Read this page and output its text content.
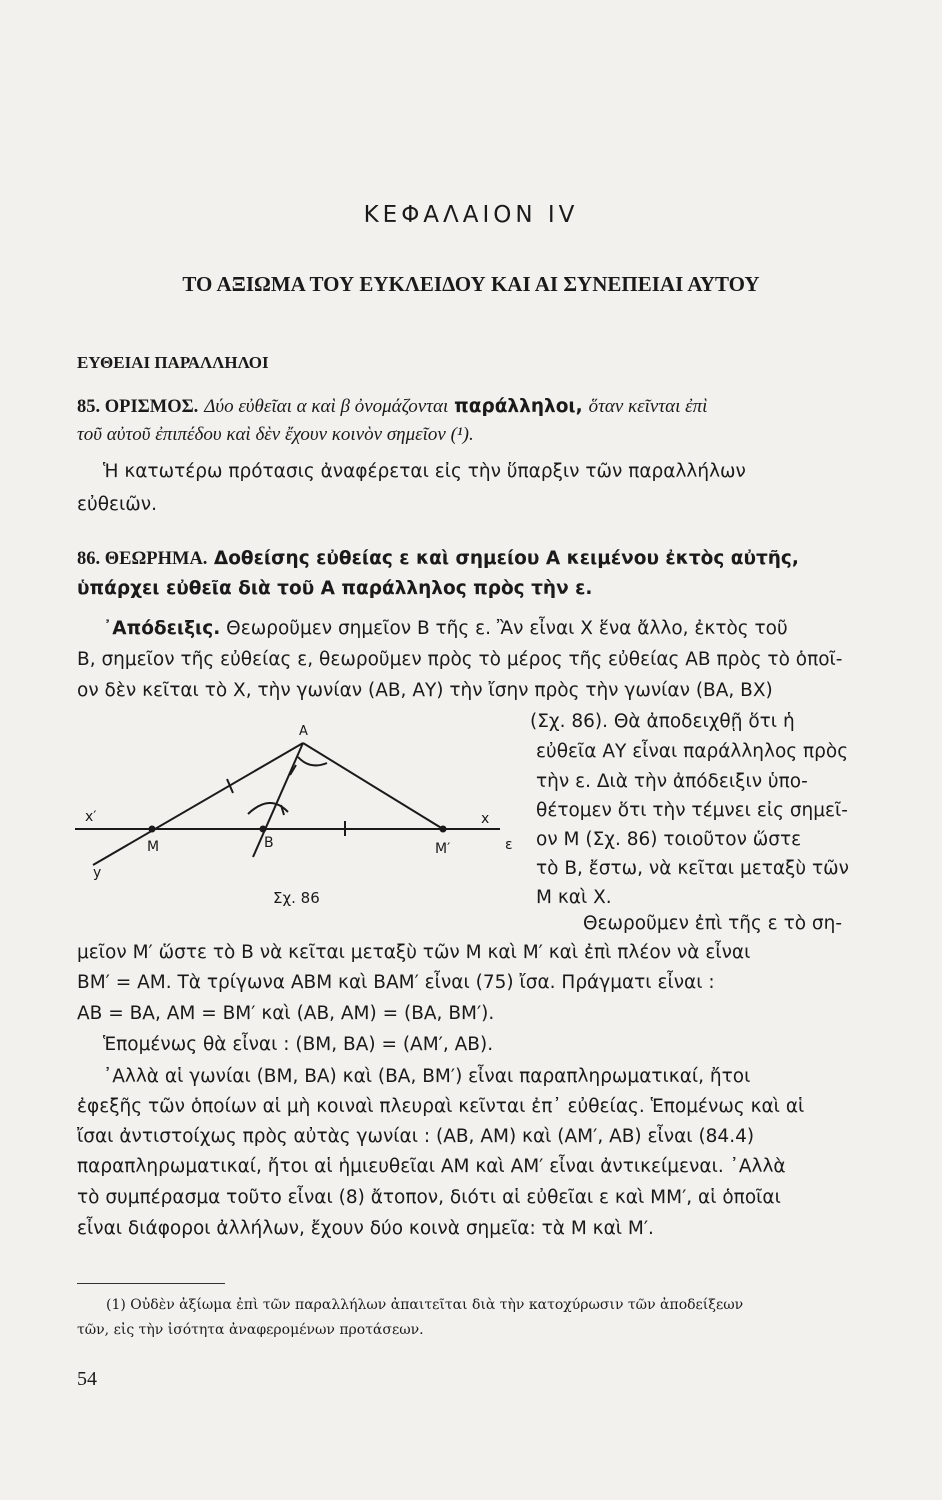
ΚΕΦΑΛΑΙΟΝ IV
ΤΟ ΑΞΙΩΜΑ ΤΟΥ ΕΥΚΛΕΙΔΟΥ ΚΑΙ ΑΙ ΣΥΝΕΠΕΙΑΙ ΑΥΤΟΥ
ΕΥΘΕΙΑΙ ΠΑΡΑΛΛΗΛΟΙ
85. ΟΡΙΣΜΟΣ. Δύο εὐθεῖαι α καὶ β ὀνομάζονται παράλληλοι, ὅταν κεῖνται ἐπὶ
τοῦ αὐτοῦ ἐπιπέδου καὶ δὲν ἔχουν κοινὸν σημεῖον (¹).
Ἡ κατωτέρω πρότασις ἀναφέρεται εἰς τὴν ὕπαρξιν τῶν παραλλήλων
εὐθειῶν.
86. ΘΕΩΡΗΜΑ. Δοθείσης εὐθείας ε καὶ σημείου Α κειμένου ἐκτὸς αὐτῆς,
ὑπάρχει εὐθεῖα διὰ τοῦ Α παράλληλος πρὸς τὴν ε.
᾿Απόδειξις. Θεωροῦμεν σημεῖον Β τῆς ε. Ἂν εἶναι Χ ἕνα ἄλλο, ἐκτὸς τοῦ
Β, σημεῖον τῆς εὐθείας ε, θεωροῦμεν πρὸς τὸ μέρος τῆς εὐθείας ΑΒ πρὸς τὸ ὁποῖ-
ον δὲν κεῖται τὸ Χ, τὴν γωνίαν (ΑΒ, ΑΥ) τὴν ἴσην πρὸς τὴν γωνίαν (ΒΑ, ΒΧ)
(Σχ. 86). Θὰ ἀποδειχθῇ ὅτι ἡ
εὐθεῖα ΑΥ εἶναι παράλληλος πρὸς
τὴν ε. Διὰ τὴν ἀπόδειξιν ὑπο-
θέτομεν ὅτι τὴν τέμνει εἰς σημεῖ-
ον Μ (Σχ. 86) τοιοῦτον ὥστε
τὸ Β, ἔστω, νὰ κεῖται μεταξὺ τῶν
Μ καὶ Χ.
A
x′	x
M	B	M′	ε
y
Σχ. 86
Θεωροῦμεν ἐπὶ τῆς ε τὸ ση-
μεῖον Μ′ ὥστε τὸ Β νὰ κεῖται μεταξὺ τῶν Μ καὶ Μ′ καὶ ἐπὶ πλέον νὰ εἶναι
ΒΜ′ = ΑΜ. Τὰ τρίγωνα ΑΒΜ καὶ ΒΑΜ′ εἶναι (75) ἴσα. Πράγματι εἶναι :
ΑΒ = ΒΑ, ΑΜ = ΒΜ′ καὶ (ΑΒ, ΑΜ) = (ΒΑ, ΒΜ′).
Ἑπομένως θὰ εἶναι : (ΒΜ, ΒΑ) = (ΑΜ′, ΑΒ).
᾿Αλλὰ αἱ γωνίαι (ΒΜ, ΒΑ) καὶ (ΒΑ, ΒΜ′) εἶναι παραπληρωματικαί, ἤτοι
ἐφεξῆς τῶν ὁποίων αἱ μὴ κοιναὶ πλευραὶ κεῖνται ἐπ᾿ εὐθείας. Ἑπομένως καὶ αἱ
ἴσαι ἀντιστοίχως πρὸς αὐτὰς γωνίαι : (ΑΒ, ΑΜ) καὶ (ΑΜ′, ΑΒ) εἶναι (84.4)
παραπληρωματικαί, ἤτοι αἱ ἡμιευθεῖαι ΑΜ καὶ ΑΜ′ εἶναι ἀντικείμεναι. ᾿Αλλὰ
τὸ συμπέρασμα τοῦτο εἶναι (8) ἄτοπον, διότι αἱ εὐθεῖαι ε καὶ ΜΜ′, αἱ ὁποῖαι
εἶναι διάφοροι ἀλλήλων, ἔχουν δύο κοινὰ σημεῖα: τὰ Μ καὶ Μ′.
(1) Οὐδὲν ἀξίωμα ἐπὶ τῶν παραλλήλων ἀπαιτεῖται διὰ τὴν κατοχύρωσιν τῶν ἀποδείξεων
τῶν, εἰς τὴν ἰσότητα ἀναφερομένων προτάσεων.
54
